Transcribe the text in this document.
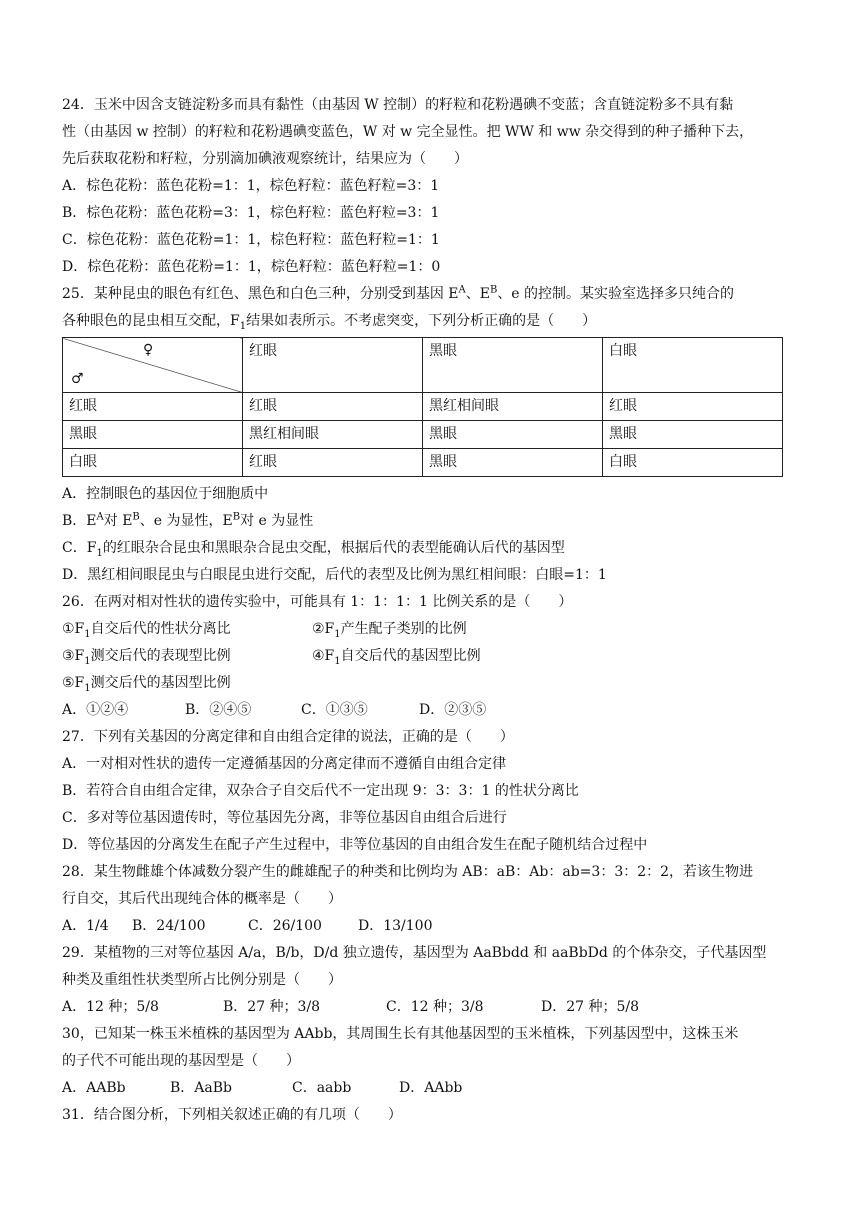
24．玉米中因含支链淀粉多而具有黏性（由基因 W 控制）的籽粒和花粉遇碘不变蓝；含直链淀粉多不具有黏
性（由基因 w 控制）的籽粒和花粉遇碘变蓝色，W 对 w 完全显性。把 WW 和 ww 杂交得到的种子播种下去，
先后获取花粉和籽粒，分别滴加碘液观察统计，结果应为（　　）
A．棕色花粉：蓝色花粉=1：1，棕色籽粒：蓝色籽粒=3：1
B．棕色花粉：蓝色花粉=3：1，棕色籽粒：蓝色籽粒=3：1
C．棕色花粉：蓝色花粉=1：1，棕色籽粒：蓝色籽粒=1：1
D．棕色花粉：蓝色花粉=1：1，棕色籽粒：蓝色籽粒=1：0
25．某种昆虫的眼色有红色、黑色和白色三种，分别受到基因 $E^A$、$E^B$、e 的控制。某实验室选择多只纯合的
各种眼色的昆虫相互交配，$F_1$结果如表所示。不考虑突变，下列分析正确的是（　　）
♀
♂	红眼	黑眼	白眼
红眼	红眼	黑红相间眼	红眼
黑眼	黑红相间眼	黑眼	黑眼
白眼	红眼	黑眼	白眼
A．控制眼色的基因位于细胞质中
B．$E^A$对 $E^B$、e 为显性，$E^B$对 e 为显性
C．$F_1$的红眼杂合昆虫和黑眼杂合昆虫交配，根据后代的表型能确认后代的基因型
D．黑红相间眼昆虫与白眼昆虫进行交配，后代的表型及比例为黑红相间眼：白眼=1：1
26．在两对相对性状的遗传实验中，可能具有 1：1：1：1 比例关系的是（　　）
$①F_1$自交后代的性状分离比	$②F_1$产生配子类别的比例
$③F_1$测交后代的表现型比例	$④F_1$自交后代的基因型比例
$⑤F_1$测交后代的基因型比例
A．①②④	B．②④⑤	C．①③⑤	D．②③⑤
27．下列有关基因的分离定律和自由组合定律的说法，正确的是（　　）
A．一对相对性状的遗传一定遵循基因的分离定律而不遵循自由组合定律
B．若符合自由组合定律，双杂合子自交后代不一定出现 9：3：3：1 的性状分离比
C．多对等位基因遗传时，等位基因先分离，非等位基因自由组合后进行
D．等位基因的分离发生在配子产生过程中，非等位基因的自由组合发生在配子随机结合过程中
28．某生物雌雄个体减数分裂产生的雌雄配子的种类和比例均为 AB：aB：Ab：ab=3：3：2：2，若该生物进
行自交，其后代出现纯合体的概率是（　　）
A．1/4 B．24/100	C．26/100	D．13/100
29．某植物的三对等位基因 A/a，B/b，D/d 独立遗传，基因型为 AaBbdd 和 aaBbDd 的个体杂交，子代基因型
种类及重组性状类型所占比例分别是（　　）
A．12 种；5/8	B．27 种；3/8	C．12 种；3/8	D．27 种；5/8
30，已知某一株玉米植株的基因型为 AAbb，其周围生长有其他基因型的玉米植株，下列基因型中，这株玉米
的子代不可能出现的基因型是（　　）
A．AABb	B．AaBb	C．aabb	D．AAbb
31．结合图分析，下列相关叙述正确的有几项（　　）
